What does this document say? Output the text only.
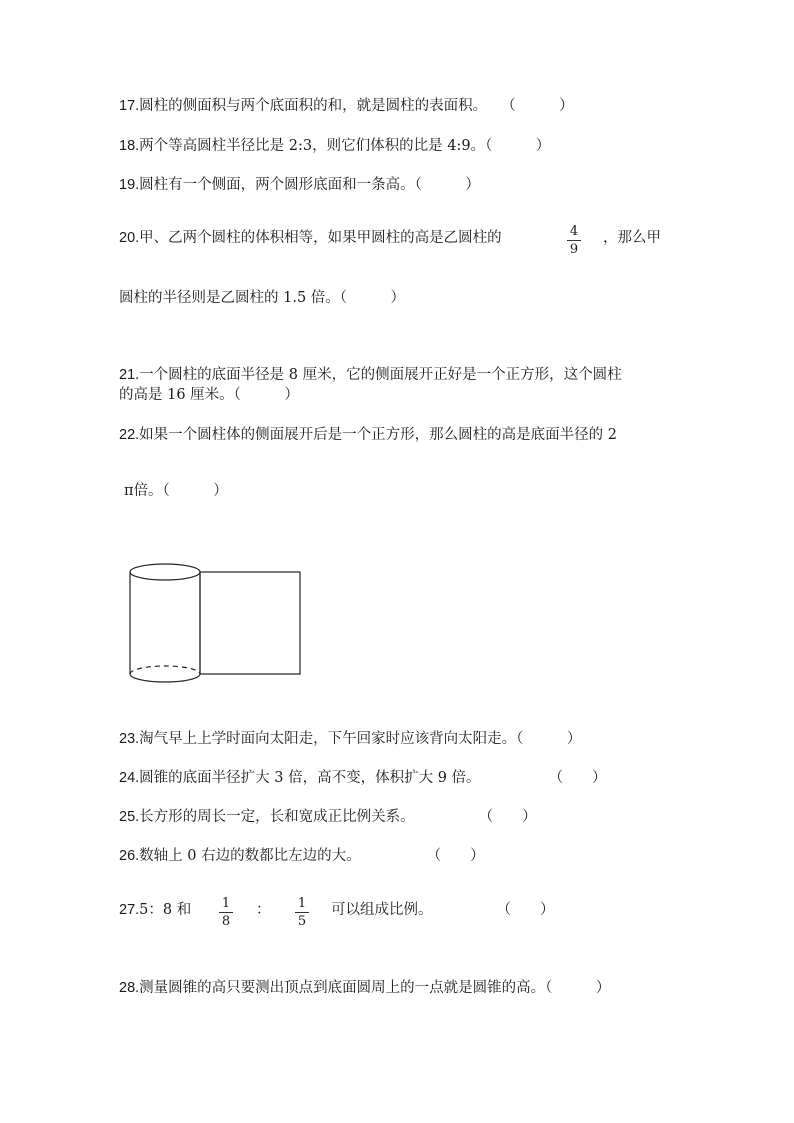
17.圆柱的侧面积与两个底面积的和，就是圆柱的表面积。 （　　　）
18.两个等高圆柱半径比是 2:3，则它们体积的比是 4:9。（　　　）
19.圆柱有一个侧面，两个圆形底面和一条高。（　　　）
20.甲、乙两个圆柱的体积相等，如果甲圆柱的高是乙圆柱的	4
9
，那么甲
圆柱的半径则是乙圆柱的 1.5 倍。（　　　）
21.一个圆柱的底面半径是 8 厘米，它的侧面展开正好是一个正方形，这个圆柱
的高是 16 厘米。（　　　）
22.如果一个圆柱体的侧面展开后是一个正方形，那么圆柱的高是底面半径的 2
π倍。（　　　）
23.淘气早上上学时面向太阳走，下午回家时应该背向太阳走。（　　　）
24.圆锥的底面半径扩大 3 倍，高不变，体积扩大 9 倍。	（　　）
25.长方形的周长一定，长和宽成正比例关系。	（　　）
26.数轴上 0 右边的数都比左边的大。	（　　）
27.5：8 和	1
8
：	1
5
可以组成比例。	（　　）
28.测量圆锥的高只要测出顶点到底面圆周上的一点就是圆锥的高。（　　　）
